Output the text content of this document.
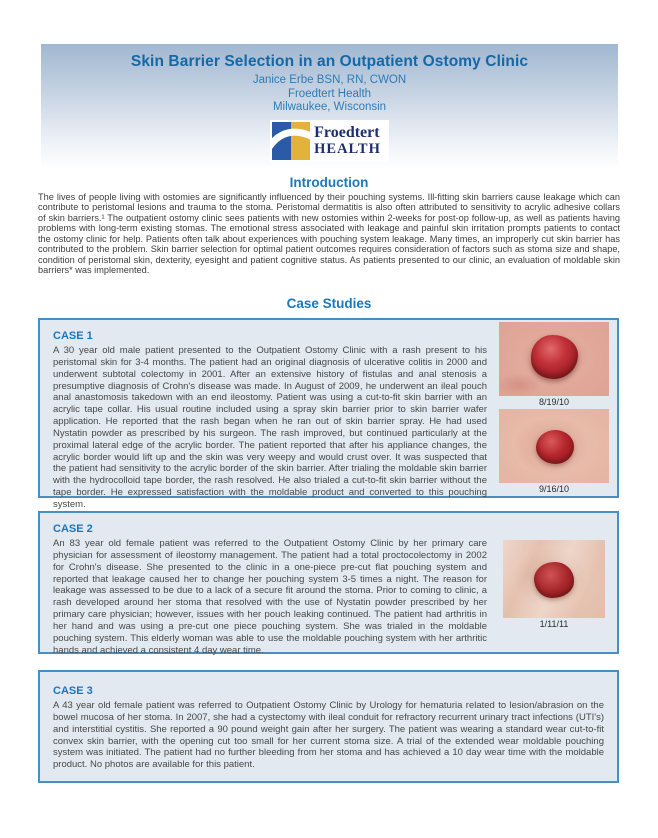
Skin Barrier Selection in an Outpatient Ostomy Clinic
Janice Erbe BSN, RN, CWON
Froedtert Health
Milwaukee, Wisconsin
Froedtert
HEALTH
Introduction

The lives of people living with ostomies are significantly influenced by their pouching systems. Ill-fitting skin barriers cause leakage which can contribute to peristomal lesions and trauma to the stoma. Peristomal dermatitis is also often attributed to sensitivity to acrylic adhesive collars of skin barriers.¹ The outpatient ostomy clinic sees patients with new ostomies within 2-weeks for post-op follow-up, as well as patients having problems with long-term existing stomas. The emotional stress associated with leakage and painful skin irritation prompts patients to contact the ostomy clinic for help. Patients often talk about experiences with pouching system leakage. Many times, an improperly cut skin barrier has contributed to the problem. Skin barrier selection for optimal patient outcomes requires consideration of factors such as stoma size and shape, condition of peristomal skin, dexterity, eyesight and patient cognitive status. As patients presented to our clinic, an evaluation of moldable skin barriers* was implemented.

Case Studies
CASE 1

A 30 year old male patient presented to the Outpatient Ostomy Clinic with a rash present to his peristomal skin for 3-4 months. The patient had an original diagnosis of ulcerative colitis in 2000 and underwent subtotal colectomy in 2001. After an extensive history of fistulas and anal stenosis a presumptive diagnosis of Crohn's disease was made. In August of 2009, he underwent an ileal pouch anal anastomosis takedown with an end ileostomy. Patient was using a cut-to-fit skin barrier with an acrylic tape collar. His usual routine included using a spray skin barrier prior to skin barrier wafer application. He reported that the rash began when he ran out of skin barrier spray. He had used Nystatin powder as prescribed by his surgeon. The rash improved, but continued particularly at the proximal lateral edge of the acrylic border. The patient reported that after his appliance changes, the acrylic border would lift up and the skin was very weepy and would crust over. It was suspected that the patient had sensitivity to the acrylic border of the skin barrier. After trialing the moldable skin barrier with the hydrocolloid tape border, the rash resolved. He also trialed a cut-to-fit skin barrier without the tape border. He expressed satisfaction with the moldable product and converted to this pouching system.

8/19/10
9/16/10
CASE 2

An 83 year old female patient was referred to the Outpatient Ostomy Clinic by her primary care physician for assessment of ileostomy management. The patient had a total proctocolectomy in 2002 for Crohn's disease. She presented to the clinic in a one-piece pre-cut flat pouching system and reported that leakage caused her to change her pouching system 3-5 times a night. The reason for leakage was assessed to be due to a lack of a secure fit around the stoma. Prior to coming to clinic, a rash developed around her stoma that resolved with the use of Nystatin powder prescribed by her primary care physician; however, issues with her pouch leaking continued. The patient had arthritis in her hand and was using a pre-cut one piece pouching system. She was trialed in the moldable pouching system. This elderly woman was able to use the moldable pouching system with her arthritic hands and achieved a consistent 4 day wear time.

1/11/11
CASE 3

A 43 year old female patient was referred to Outpatient Ostomy Clinic by Urology for hematuria related to lesion/abrasion on the bowel mucosa of her stoma. In 2007, she had a cystectomy with ileal conduit for refractory recurrent urinary tract infections (UTI's) and interstitial cystitis. She reported a 90 pound weight gain after her surgery. The patient was wearing a standard wear cut-to-fit convex skin barrier, with the opening cut too small for her current stoma size. A trial of the extended wear moldable pouching system was initiated. The patient had no further bleeding from her stoma and has achieved a 10 day wear time with the moldable product. No photos are available for this patient.
